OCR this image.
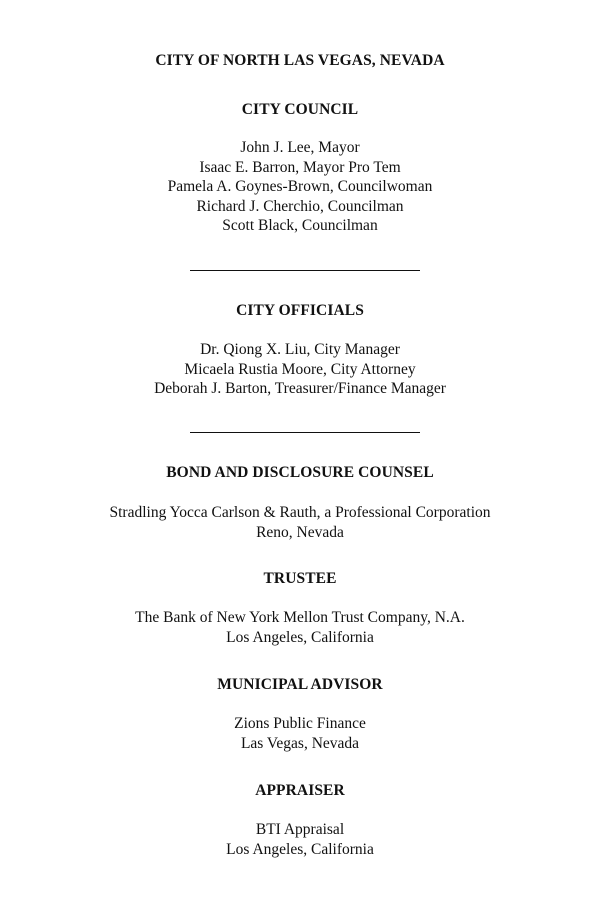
CITY OF NORTH LAS VEGAS, NEVADA
CITY COUNCIL
John J. Lee, Mayor
Isaac E. Barron, Mayor Pro Tem
Pamela A. Goynes-Brown, Councilwoman
Richard J. Cherchio, Councilman
Scott Black, Councilman
CITY OFFICIALS
Dr. Qiong X. Liu, City Manager
Micaela Rustia Moore, City Attorney
Deborah J. Barton, Treasurer/Finance Manager
BOND AND DISCLOSURE COUNSEL
Stradling Yocca Carlson & Rauth, a Professional Corporation
Reno, Nevada
TRUSTEE
The Bank of New York Mellon Trust Company, N.A.
Los Angeles, California
MUNICIPAL ADVISOR
Zions Public Finance
Las Vegas, Nevada
APPRAISER
BTI Appraisal
Los Angeles, California
